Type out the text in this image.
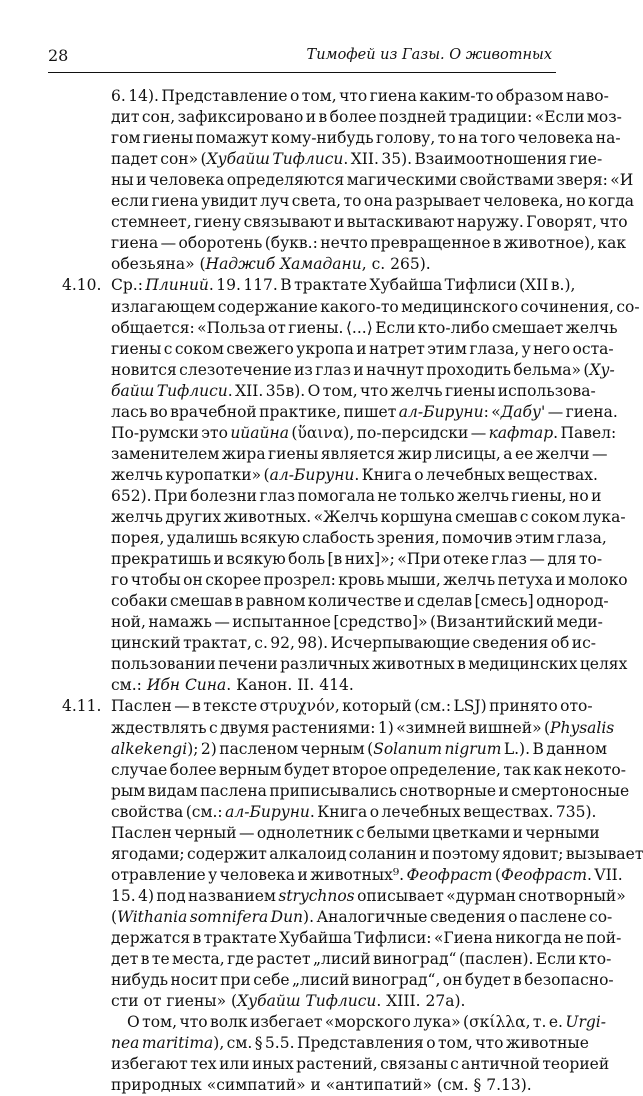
28	Тимофей из Газы. О животных
6. 14). Представление о том, что гиена каким-то образом наво-
дит сон, зафиксировано и в более поздней традиции: «Если моз-
гом гиены помажут кому-нибудь голову, то на того человека на-
падет сон» (Хубайш Тифлиси. XII. 35). Взаимоотношения гие-
ны и человека определяются магическими свойствами зверя: «И
если гиена увидит луч света, то она разрывает человека, но когда
стемнеет, гиену связывают и вытаскивают наружу. Говорят, что
гиена — оборотень (букв.: нечто превращенное в животное), как
обезьяна» (Наджиб Хамадани, с. 265).
4.10. Ср.: Плиний. 19. 117. В трактате Хубайша Тифлиси (XII в.),
излагающем содержание какого-то медицинского сочинения, со-
общается: «Польза от гиены. ⟨...⟩ Если кто-либо смешает желчь
гиены с соком свежего укропа и натрет этим глаза, у него оста-
новится слезотечение из глаз и начнут проходить бельма» (Ху-
байш Тифлиси. XII. 35в). О том, что желчь гиены использова-
лась во врачебной практике, пишет ал-Бируни: «Дабу' — гиена.
По-румски это ийайна (ὕαινα), по-персидски — кафтар. Павел:
заменителем жира гиены является жир лисицы, а ее желчи —
желчь куропатки» (ал-Бируни. Книга о лечебных веществах.
652). При болезни глаз помогала не только желчь гиены, но и
желчь других животных. «Желчь коршуна смешав с соком лука-
порея, удалишь всякую слабость зрения, помочив этим глаза,
прекратишь и всякую боль [в них]»; «При отеке глаз — для то-
го чтобы он скорее прозрел: кровь мыши, желчь петуха и молоко
собаки смешав в равном количестве и сделав [смесь] однород-
ной, намажь — испытанное [средство]» (Византийский меди-
цинский трактат, с. 92, 98). Исчерпывающие сведения об ис-
пользовании печени различных животных в медицинских целях
см.: Ибн Сина. Канон. II. 414.
4.11. Паслен — в тексте στρυχνόν, который (см.: LSJ) принято ото-
ждествлять с двумя растениями: 1) «зимней вишней» (Physalis
alkekengi); 2) пасленом черным (Solanum nigrum L.). В данном
случае более верным будет второе определение, так как некото-
рым видам паслена приписывались снотворные и смертоносные
свойства (см.: ал-Бируни. Книга о лечебных веществах. 735).
Паслен черный — однолетник с белыми цветками и черными
ягодами; содержит алкалоид соланин и поэтому ядовит; вызывает
отравление у человека и животных⁹. Феофраст (Феофраст. VII.
15. 4) под названием strychnos описывает «дурман снотворный»
(Withania somnifera Dun). Аналогичные сведения о паслене со-
держатся в трактате Хубайша Тифлиси: «Гиена никогда не пой-
дет в те места, где растет „лисий виноград“ (паслен). Если кто-
нибудь носит при себе „лисий виноград“, он будет в безопасно-
сти от гиены» (Хубайш Тифлиси. XIII. 27а).
О том, что волк избегает «морского лука» (σκίλλα, т. е. Urgi-
nea maritima), см. § 5.5. Представления о том, что животные
избегают тех или иных растений, связаны с античной теорией
природных «симпатий» и «антипатий» (см. § 7.13).
